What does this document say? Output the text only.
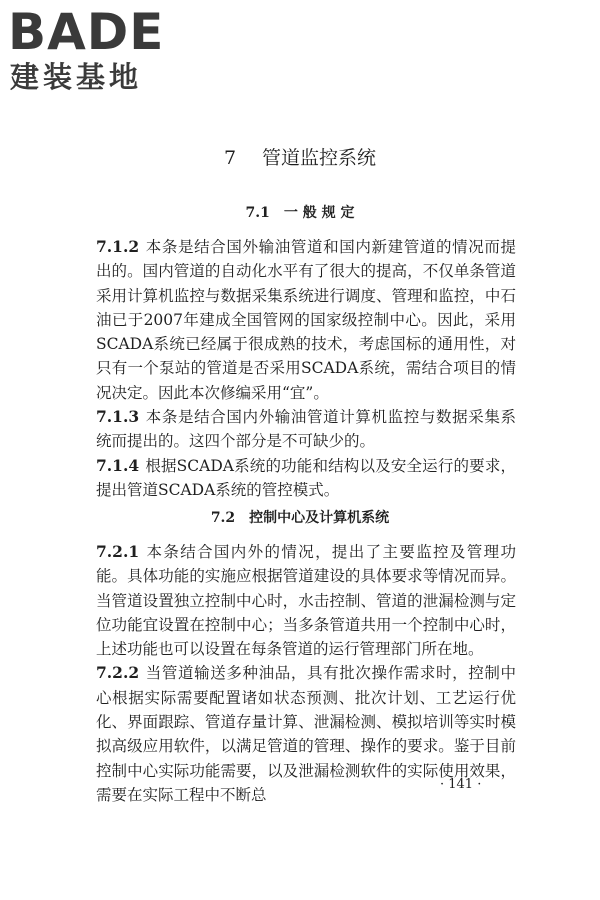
BADE
建装基地
7 管道监控系统
7.1 一 般 规 定

7.1.2 本条是结合国外输油管道和国内新建管道的情况而提出的。国内管道的自动化水平有了很大的提高，不仅单条管道采用计算机监控与数据采集系统进行调度、管理和监控，中石油已于2007年建成全国管网的国家级控制中心。因此，采用SCADA系统已经属于很成熟的技术，考虑国标的通用性，对只有一个泵站的管道是否采用SCADA系统，需结合项目的情况决定。因此本次修编采用“宜”。

7.1.3 本条是结合国内外输油管道计算机监控与数据采集系统而提出的。这四个部分是不可缺少的。

7.1.4 根据SCADA系统的功能和结构以及安全运行的要求，提出管道SCADA系统的管控模式。

7.2 控制中心及计算机系统

7.2.1 本条结合国内外的情况，提出了主要监控及管理功能。具体功能的实施应根据管道建设的具体要求等情况而异。当管道设置独立控制中心时，水击控制、管道的泄漏检测与定位功能宜设置在控制中心；当多条管道共用一个控制中心时，上述功能也可以设置在每条管道的运行管理部门所在地。

7.2.2 当管道输送多种油品，具有批次操作需求时，控制中心根据实际需要配置诸如状态预测、批次计划、工艺运行优化、界面跟踪、管道存量计算、泄漏检测、模拟培训等实时模拟高级应用软件，以满足管道的管理、操作的要求。鉴于目前控制中心实际功能需要，以及泄漏检测软件的实际使用效果，需要在实际工程中不断总

· 141 ·
